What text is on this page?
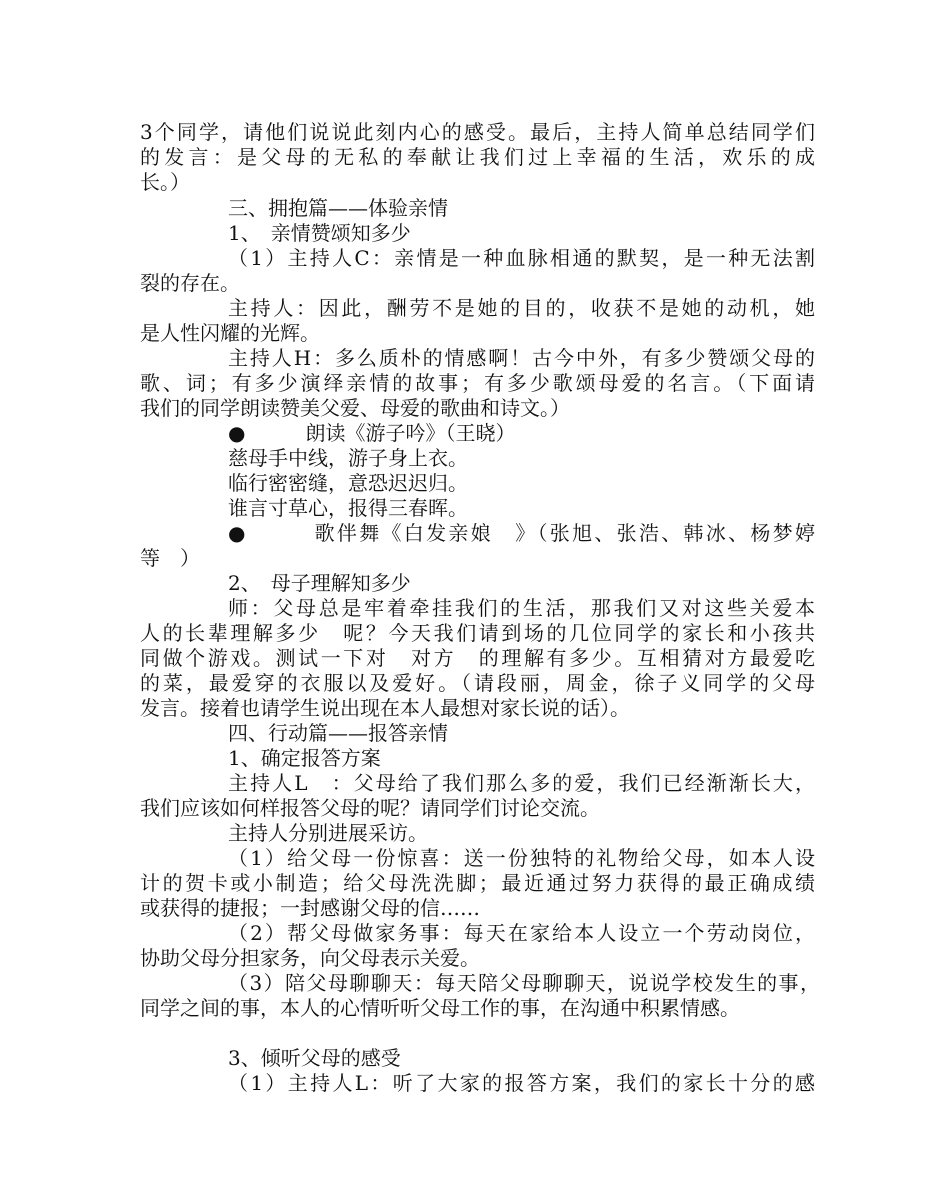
3个同学，请他们说说此刻内心的感受。最后，主持人简单总结同学们
的发言：是父母的无私的奉献让我们过上幸福的生活，欢乐的成
长。）
三、拥抱篇——体验亲情
1、　亲情赞颂知多少
（1）主持人C：亲情是一种血脉相通的默契，是一种无法割
裂的存在。
主持人：因此，酬劳不是她的目的，收获不是她的动机，她
是人性闪耀的光辉。
主持人H：多么质朴的情感啊！古今中外，有多少赞颂父母的
歌、词；有多少演绎亲情的故事；有多少歌颂母爱的名言。（下面请
我们的同学朗读赞美父爱、母爱的歌曲和诗文。）
●　　　朗读《游子吟》（王晓）
慈母手中线，游子身上衣。
临行密密缝，意恐迟迟归。
谁言寸草心，报得三春晖。
●　　　歌伴舞《白发亲娘　》（张旭、张浩、韩冰、杨梦婷
等　）
2、　母子理解知多少
师：父母总是牢着牵挂我们的生活，那我们又对这些关爱本
人的长辈理解多少　呢？今天我们请到场的几位同学的家长和小孩共
同做个游戏。测试一下对　对方　的理解有多少。互相猜对方最爱吃
的菜，最爱穿的衣服以及爱好。（请段丽，周金，徐子义同学的父母
发言。接着也请学生说出现在本人最想对家长说的话）。
四、行动篇——报答亲情
1、确定报答方案
主持人L　：父母给了我们那么多的爱，我们已经渐渐长大，
我们应该如何样报答父母的呢？请同学们讨论交流。
主持人分别进展采访。
（1）给父母一份惊喜：送一份独特的礼物给父母，如本人设
计的贺卡或小制造；给父母洗洗脚；最近通过努力获得的最正确成绩
或获得的捷报；一封感谢父母的信……
（2）帮父母做家务事：每天在家给本人设立一个劳动岗位，
协助父母分担家务，向父母表示关爱。
（3）陪父母聊聊天：每天陪父母聊聊天，说说学校发生的事，
同学之间的事，本人的心情听听父母工作的事，在沟通中积累情感。
3、倾听父母的感受
（1）主持人L：听了大家的报答方案，我们的家长十分的感
